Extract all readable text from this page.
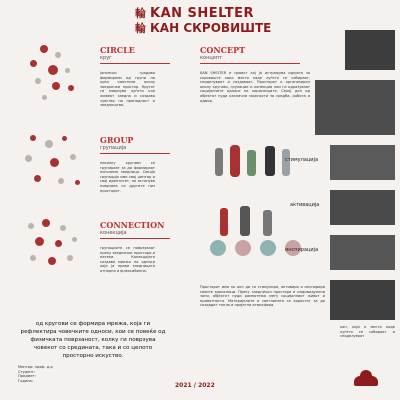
輪 KAN SHELTER
輪 КАН СКРОВИШТЕ
CIRCLE
круг
јапонски градови формирани од групи на куќи сместени околу заеднички простор. Кругот ги поврзува луѓето кои живеат заедно и создава чувство на припадност и заедништво.
GROUP
групација
неколку кругови се групираат за да формираат поголема заедница. Секоја групација има свој центар и свој идентитет, но останува поврзана со другите низ просторот.
CONNECTION
конекција
групациите се поврзуваат преку заеднички простори и патеки. Конекцијата создава мрежа на односи која ја прави заедницата отпорна и флексибилна.
од кругови се формира мрежа, која ги рефлектира човечките односи, кои се повеќе од физичката поврзаност, колку ги поврзува човекот со средината, така и со целото просторно искуство.
Ментор: проф. д-р
Студент:
Предмет:
Година:
2021 / 2022
CONCEPT
концепт
KAN SHELTER е проект кој ја истражува идејата за скровиште како место каде луѓето се собираат, споделуваат и создаваат. Просторот е организиран околу кругови, групации и конекции кои ги одразуваат социјалните односи на корисниците. Секој дел од објектот нуди различни можности за средба, работа и одмор.
стимулација
активација
инспирација
Просторот има за цел да ги стимулира, активира и инспирира своите корисници. Преку заеднички простори и индивидуални зони, објектот нуди рамнотежа меѓу социјалниот живот и приватноста. Материјалите и светлината се користат за да создадат топла и пријатна атмосфера.
кан, која е место каде луѓето се собираат и споделуваат
